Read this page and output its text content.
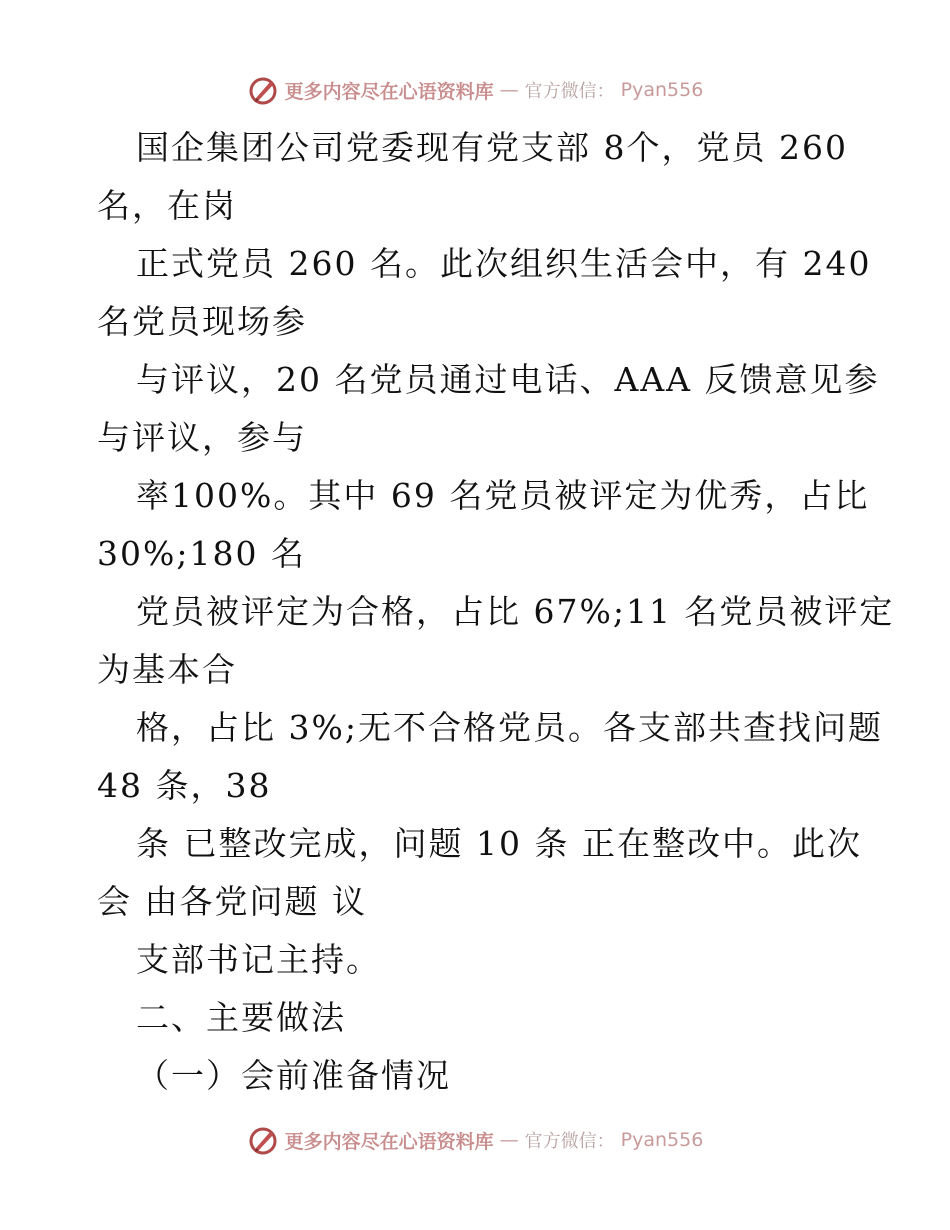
更多内容尽在心语资料库 — 官方微信： Pyan556
国企集团公司党委现有党支部 8个，党员 260
名，在岗
正式党员 260 名。此次组织生活会中，有 240
名党员现场参
与评议，20 名党员通过电话、AAA 反馈意见参
与评议，参与
率100%。其中 69 名党员被评定为优秀，占比
30%;180 名
党员被评定为合格，占比 67%;11 名党员被评定
为基本合
格，占比 3%;无不合格党员。各支部共查找问题
48 条，38
条 已整改完成，问题 10 条 正在整改中。此次
会 由各党问题 议
支部书记主持。
二、主要做法
（一）会前准备情况
更多内容尽在心语资料库 — 官方微信： Pyan556
